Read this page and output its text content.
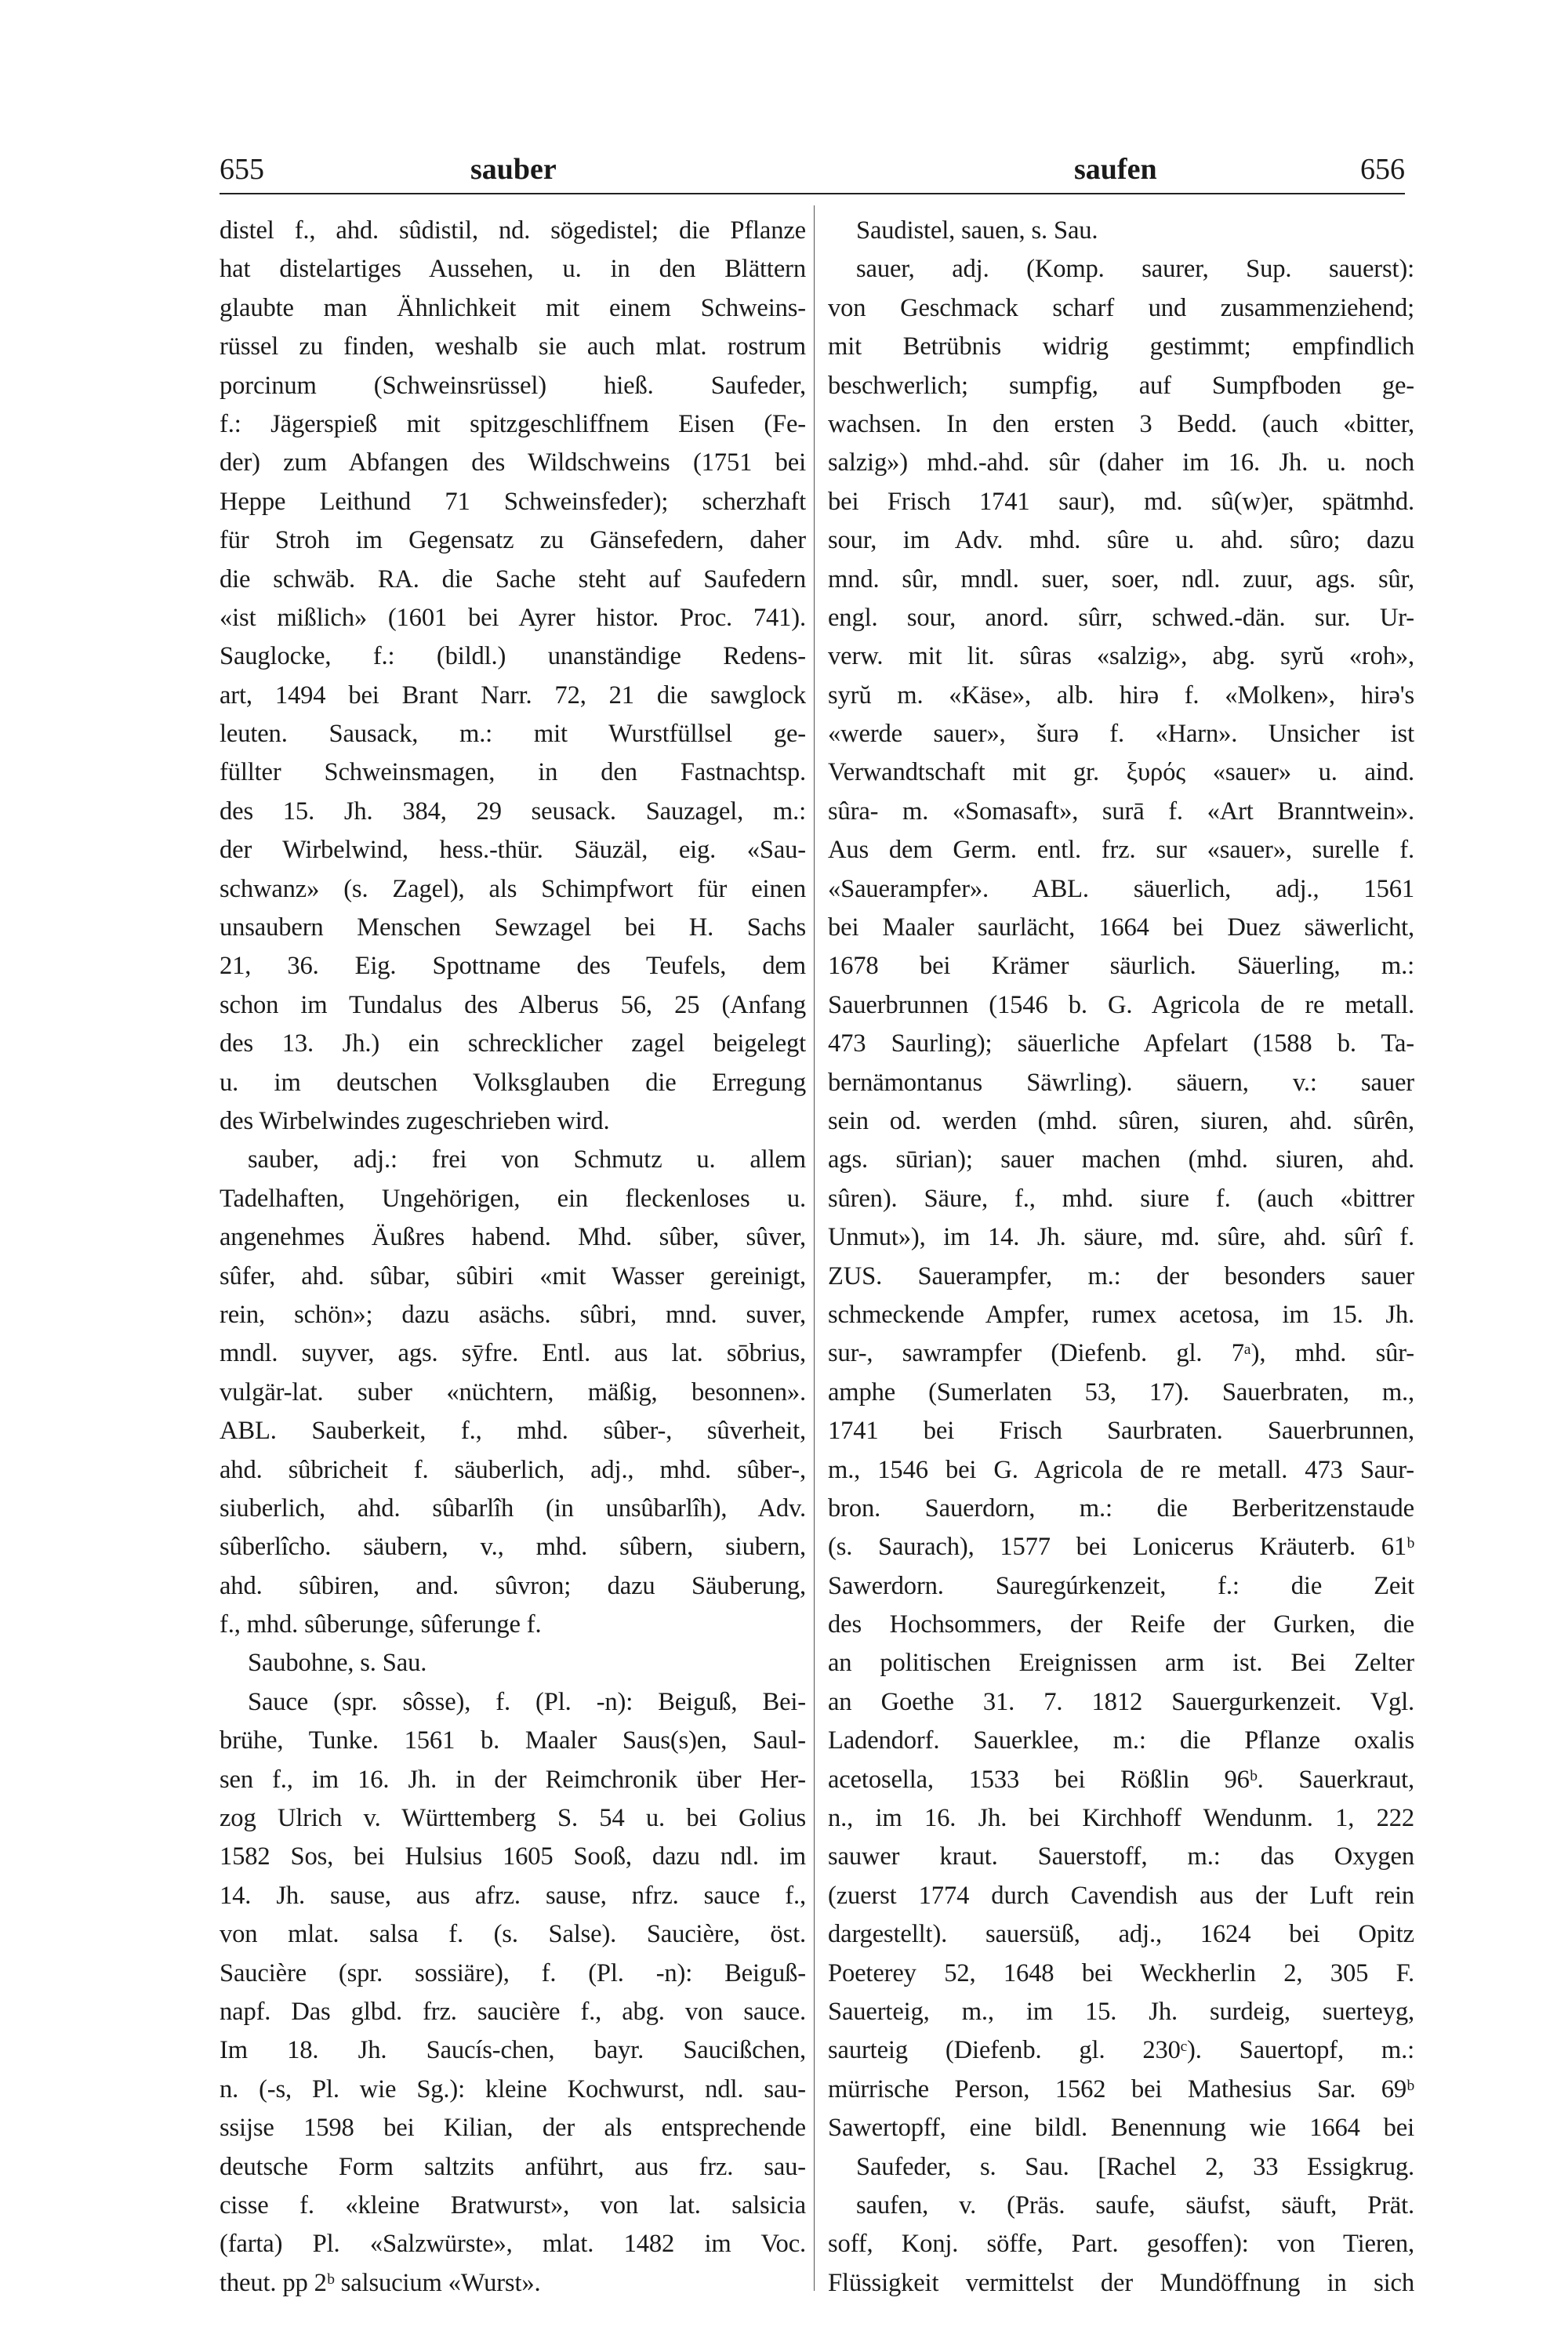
655	sauber	saufen	656
distel f., ahd. sûdistil, nd. sögedistel; die Pflanze
hat distelartiges Aussehen, u. in den Blättern
glaubte man Ähnlichkeit mit einem Schweins-
rüssel zu finden, weshalb sie auch mlat. rostrum
porcinum (Schweinsrüssel) hieß. Saufeder,
f.: Jägerspieß mit spitzgeschliffnem Eisen (Fe-
der) zum Abfangen des Wildschweins (1751 bei
Heppe Leithund 71 Schweinsfeder); scherzhaft
für Stroh im Gegensatz zu Gänsefedern, daher
die schwäb. RA. die Sache steht auf Saufedern
«ist mißlich» (1601 bei Ayrer histor. Proc. 741).
Sauglocke, f.: (bildl.) unanständige Redens-
art, 1494 bei Brant Narr. 72, 21 die sawglock
leuten. Sausack, m.: mit Wurstfüllsel ge-
füllter Schweinsmagen, in den Fastnachtsp.
des 15. Jh. 384, 29 seusack. Sauzagel, m.:
der Wirbelwind, hess.-thür. Säuzäl, eig. «Sau-
schwanz» (s. Zagel), als Schimpfwort für einen
unsaubern Menschen Sewzagel bei H. Sachs
21, 36. Eig. Spottname des Teufels, dem
schon im Tundalus des Alberus 56, 25 (Anfang
des 13. Jh.) ein schrecklicher zagel beigelegt
u. im deutschen Volksglauben die Erregung
des Wirbelwindes zugeschrieben wird.
sauber, adj.: frei von Schmutz u. allem
Tadelhaften, Ungehörigen, ein fleckenloses u.
angenehmes Äußres habend. Mhd. sûber, sûver,
sûfer, ahd. sûbar, sûbiri «mit Wasser gereinigt,
rein, schön»; dazu asächs. sûbri, mnd. suver,
mndl. suyver, ags. sȳfre. Entl. aus lat. sōbrius,
vulgär-lat. suber «nüchtern, mäßig, besonnen».
ABL. Sauberkeit, f., mhd. sûber-, sûverheit,
ahd. sûbricheit f. säuberlich, adj., mhd. sûber-,
siuberlich, ahd. sûbarlîh (in unsûbarlîh), Adv.
sûberlîcho. säubern, v., mhd. sûbern, siubern,
ahd. sûbiren, and. sûvron; dazu Säuberung,
f., mhd. sûberunge, sûferunge f.
Saubohne, s. Sau.
Sauce (spr. sôsse), f. (Pl. -n): Beiguß, Bei-
brühe, Tunke. 1561 b. Maaler Saus(s)en, Saul-
sen f., im 16. Jh. in der Reimchronik über Her-
zog Ulrich v. Württemberg S. 54 u. bei Golius
1582 Sos, bei Hulsius 1605 Sooß, dazu ndl. im
14. Jh. sause, aus afrz. sause, nfrz. sauce f.,
von mlat. salsa f. (s. Salse). Saucière, öst.
Saucière (spr. sossiäre), f. (Pl. -n): Beiguß-
napf. Das glbd. frz. saucière f., abg. von sauce.
Im 18. Jh. Saucís-chen, bayr. Saucißchen,
n. (-s, Pl. wie Sg.): kleine Kochwurst, ndl. sau-
ssijse 1598 bei Kilian, der als entsprechende
deutsche Form saltzits anführt, aus frz. sau-
cisse f. «kleine Bratwurst», von lat. salsicia
(farta) Pl. «Salzwürste», mlat. 1482 im Voc.
theut. pp 2ᵇ salsucium «Wurst».
Saudistel, sauen, s. Sau.
sauer, adj. (Komp. saurer, Sup. sauerst):
von Geschmack scharf und zusammenziehend;
mit Betrübnis widrig gestimmt; empfindlich
beschwerlich; sumpfig, auf Sumpfboden ge-
wachsen. In den ersten 3 Bedd. (auch «bitter,
salzig») mhd.-ahd. sûr (daher im 16. Jh. u. noch
bei Frisch 1741 saur), md. sû(w)er, spätmhd.
sour, im Adv. mhd. sûre u. ahd. sûro; dazu
mnd. sûr, mndl. suer, soer, ndl. zuur, ags. sûr,
engl. sour, anord. sûrr, schwed.-dän. sur. Ur-
verw. mit lit. sûras «salzig», abg. syrŭ «roh»,
syrŭ m. «Käse», alb. hirə f. «Molken», hirə's
«werde sauer», šurə f. «Harn». Unsicher ist
Verwandtschaft mit gr. ξυρός «sauer» u. aind.
sûra- m. «Somasaft», surā f. «Art Branntwein».
Aus dem Germ. entl. frz. sur «sauer», surelle f.
«Sauerampfer». ABL. säuerlich, adj., 1561
bei Maaler saurlächt, 1664 bei Duez säwerlicht,
1678 bei Krämer säurlich. Säuerling, m.:
Sauerbrunnen (1546 b. G. Agricola de re metall.
473 Saurling); säuerliche Apfelart (1588 b. Ta-
bernämontanus Säwrling). säuern, v.: sauer
sein od. werden (mhd. sûren, siuren, ahd. sûrên,
ags. sūrian); sauer machen (mhd. siuren, ahd.
sûren). Säure, f., mhd. siure f. (auch «bittrer
Unmut»), im 14. Jh. säure, md. sûre, ahd. sûrî f.
ZUS. Sauerampfer, m.: der besonders sauer
schmeckende Ampfer, rumex acetosa, im 15. Jh.
sur-, sawrampfer (Diefenb. gl. 7ᵃ), mhd. sûr-
amphe (Sumerlaten 53, 17). Sauerbraten, m.,
1741 bei Frisch Saurbraten. Sauerbrunnen,
m., 1546 bei G. Agricola de re metall. 473 Saur-
bron. Sauerdorn, m.: die Berberitzenstaude
(s. Saurach), 1577 bei Lonicerus Kräuterb. 61ᵇ
Sawerdorn. Sauregúrkenzeit, f.: die Zeit
des Hochsommers, der Reife der Gurken, die
an politischen Ereignissen arm ist. Bei Zelter
an Goethe 31. 7. 1812 Sauergurkenzeit. Vgl.
Ladendorf. Sauerklee, m.: die Pflanze oxalis
acetosella, 1533 bei Rößlin 96ᵇ. Sauerkraut,
n., im 16. Jh. bei Kirchhoff Wendunm. 1, 222
sauwer kraut. Sauerstoff, m.: das Oxygen
(zuerst 1774 durch Cavendish aus der Luft rein
dargestellt). sauersüß, adj., 1624 bei Opitz
Poeterey 52, 1648 bei Weckherlin 2, 305 F.
Sauerteig, m., im 15. Jh. surdeig, suerteyg,
saurteig (Diefenb. gl. 230ᶜ). Sauertopf, m.:
mürrische Person, 1562 bei Mathesius Sar. 69ᵇ
Sawertopff, eine bildl. Benennung wie 1664 bei
Saufeder, s. Sau. [Rachel 2, 33 Essigkrug.
saufen, v. (Präs. saufe, säufst, säuft, Prät.
soff, Konj. söffe, Part. gesoffen): von Tieren,
Flüssigkeit vermittelst der Mundöffnung in sich
